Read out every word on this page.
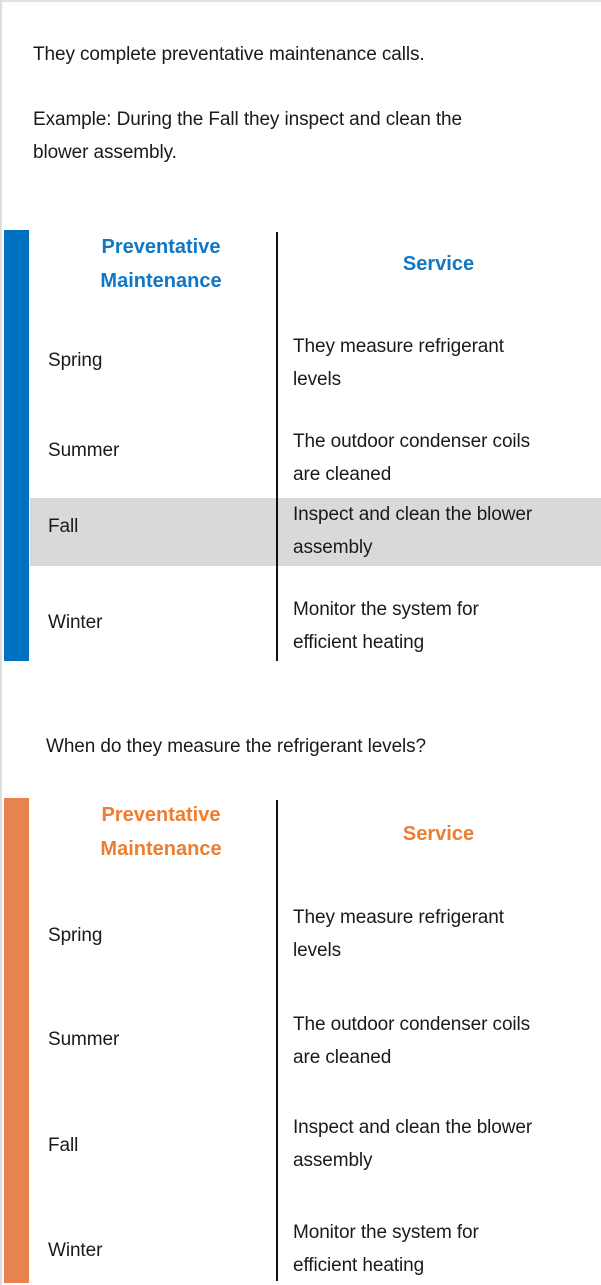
They complete preventative maintenance calls.

Example: During the Fall they inspect and clean the blower assembly.

Preventative Maintenance
Service

Spring

They measure refrigerant levels

Summer	The outdoor condenser coils are cleaned

Fall

Inspect and clean the blower assembly

Winter

Monitor the system for efficient heating

When do they measure the refrigerant levels?

Preventative Maintenance
Service

Spring

They measure refrigerant levels

Summer

The outdoor condenser coils are cleaned

Fall

Inspect and clean the blower assembly

Winter

Monitor the system for efficient heating
